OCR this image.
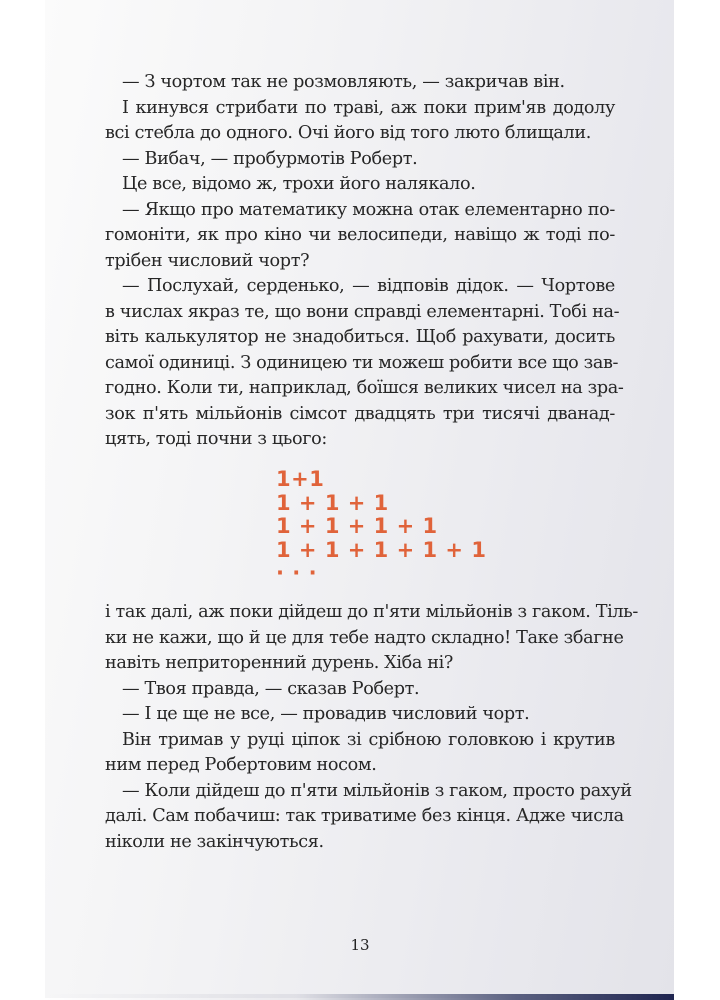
— З чортом так не розмовляють, — закричав він.
І кинувся стрибати по траві, аж поки прим'яв додолу
всі стебла до одного. Очі його від того люто блищали.
— Вибач, — пробурмотів Роберт.
Це все, відомо ж, трохи його налякало.
— Якщо про математику можна отак елементарно по-
гомоніти, як про кіно чи велосипеди, навіщо ж тоді по-
трібен числовий чорт?
— Послухай, серденько, — відповів дідок. — Чортове
в числах якраз те, що вони справді елементарні. Тобі на-
віть калькулятор не знадобиться. Щоб рахувати, досить
самої одиниці. З одиницею ти можеш робити все що зав-
годно. Коли ти, наприклад, боїшся великих чисел на зра-
зок п'ять мільйонів сімсот двадцять три тисячі дванад-
цять, тоді почни з цього:
1+1
1 + 1 + 1
1 + 1 + 1 + 1
1 + 1 + 1 + 1 + 1
· · ·
і так далі, аж поки дійдеш до п'яти мільйонів з гаком. Тіль-
ки не кажи, що й це для тебе надто складно! Таке збагне
навіть неприторенний дурень. Хіба ні?
— Твоя правда, — сказав Роберт.
— І це ще не все, — провадив числовий чорт.
Він тримав у руці ціпок зі срібною головкою і крутив
ним перед Робертовим носом.
— Коли дійдеш до п'яти мільйонів з гаком, просто рахуй
далі. Сам побачиш: так триватиме без кінця. Адже числа
ніколи не закінчуються.
13
